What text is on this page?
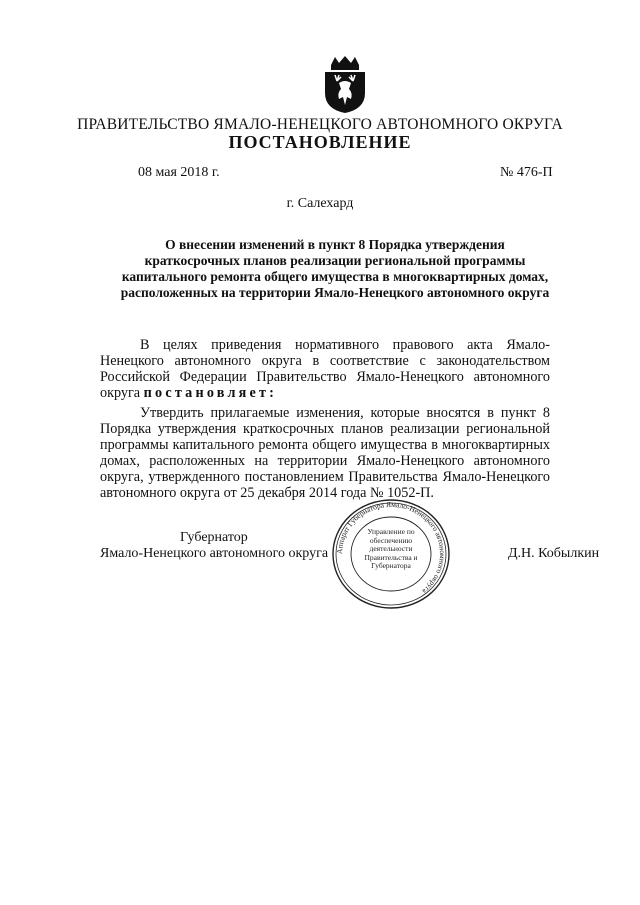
ПРАВИТЕЛЬСТВО ЯМАЛО-НЕНЕЦКОГО АВТОНОМНОГО ОКРУГА
ПОСТАНОВЛЕНИЕ
08 мая 2018 г.	№ 476-П
г. Салехард
О внесении изменений в пункт 8 Порядка утверждения краткосрочных планов реализации региональной программы капитального ремонта общего имущества в многоквартирных домах, расположенных на территории Ямало-Ненецкого автономного округа
В целях приведения нормативного правового акта Ямало-Ненецкого автономного округа в соответствие с законодательством Российской Федерации Правительство Ямало-Ненецкого автономного округа постановляет:
Утвердить прилагаемые изменения, которые вносятся в пункт 8 Порядка утверждения краткосрочных планов реализации региональной программы капитального ремонта общего имущества в многоквартирных домах, расположенных на территории Ямало-Ненецкого автономного округа, утвержденного постановлением Правительства Ямало-Ненецкого автономного округа от 25 декабря 2014 года № 1052-П.
Губернатор
Ямало-Ненецкого автономного округа	Д.Н. Кобылкин
Аппарат Губернатора Ямало-Ненецкого автономного округа
Управление по обеспечению деятельности Правительства и Губернатора
